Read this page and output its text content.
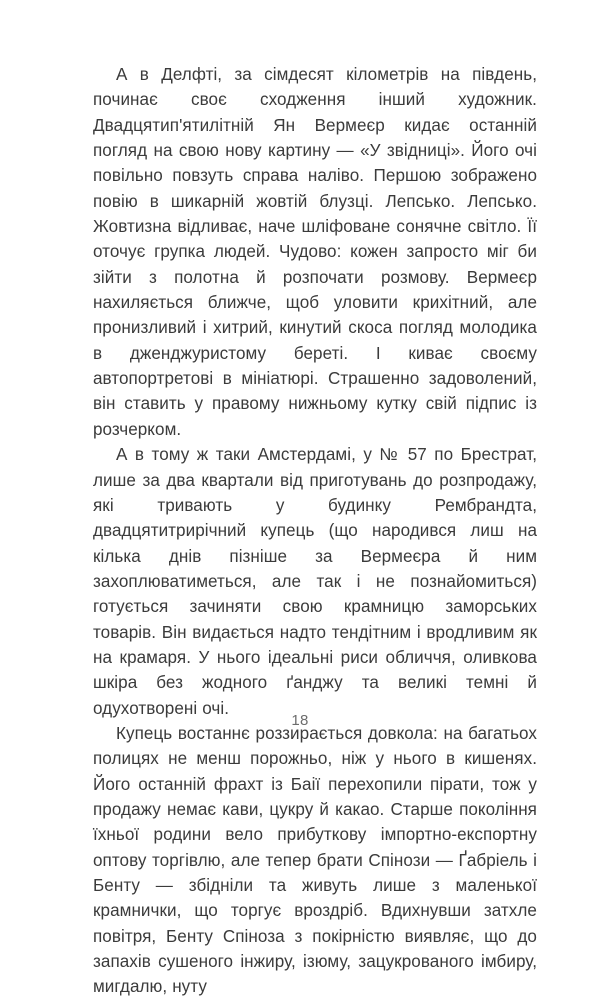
А в Делфті, за сімдесят кілометрів на південь, починає своє сходження інший художник. Двадцятип'ятилітній Ян Вермеєр кидає останній погляд на свою нову картину — «У звідниці». Його очі повільно повзуть справа наліво. Першою зображено повію в шикарній жовтій блузці. Лепсько. Лепсько. Жовтизна відливає, наче шліфоване сонячне світло. Її оточує групка людей. Чудово: кожен запросто міг би зійти з полотна й розпочати розмову. Вермеєр нахиляється ближче, щоб уловити крихітний, але пронизливий і хитрий, кинутий скоса погляд молодика в дженджуристому береті. І киває своєму автопортретові в мініатюрі. Страшенно задоволений, він ставить у правому нижньому кутку свій підпис із розчерком.

А в тому ж таки Амстердамі, у № 57 по Брестрат, лише за два квартали від приготувань до розпродажу, які тривають у будинку Рембрандта, двадцятитрирічний купець (що народився лиш на кілька днів пізніше за Вермеєра й ним захоплюватиметься, але так і не познайомиться) готується зачиняти свою крамницю заморських товарів. Він видається надто тендітним і вродливим як на крамаря. У нього ідеальні риси обличчя, оливкова шкіра без жодного ґанджу та великі темні й одухотворені очі.

Купець востаннє роззирається довкола: на багатьох полицях не менш порожньо, ніж у нього в кишенях. Його останній фрахт із Баії перехопили пірати, тож у продажу немає кави, цукру й какао. Старше покоління їхньої родини вело прибуткову імпортно-експортну оптову торгівлю, але тепер брати Спінози — Ґабріель і Бенту — збідніли та живуть лише з маленької крамнички, що торгує вроздріб. Вдихнувши затхле повітря, Бенту Спіноза з покірністю виявляє, що до запахів сушеного інжиру, ізюму, зацукрованого імбиру, мигдалю, нуту

18
